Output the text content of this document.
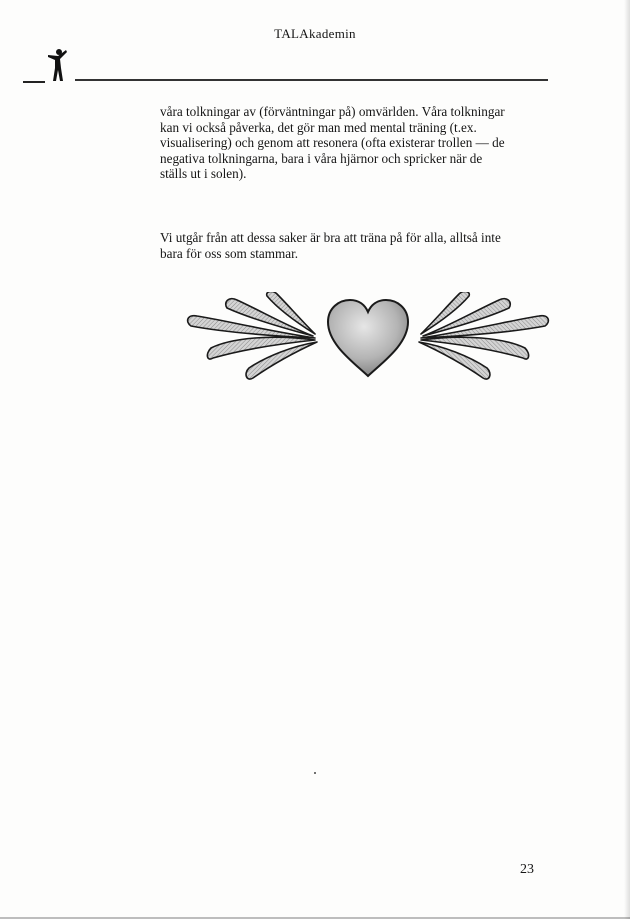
TALAkademin
våra tolkningar av (förväntningar på) omvärlden. Våra tolkningar
kan vi också påverka, det gör man med mental träning (t.ex.
visualisering) och genom att resonera (ofta existerar trollen — de
negativa tolkningarna, bara i våra hjärnor och spricker när de
ställs ut i solen).
Vi utgår från att dessa saker är bra att träna på för alla, alltså inte
bara för oss som stammar.
23
